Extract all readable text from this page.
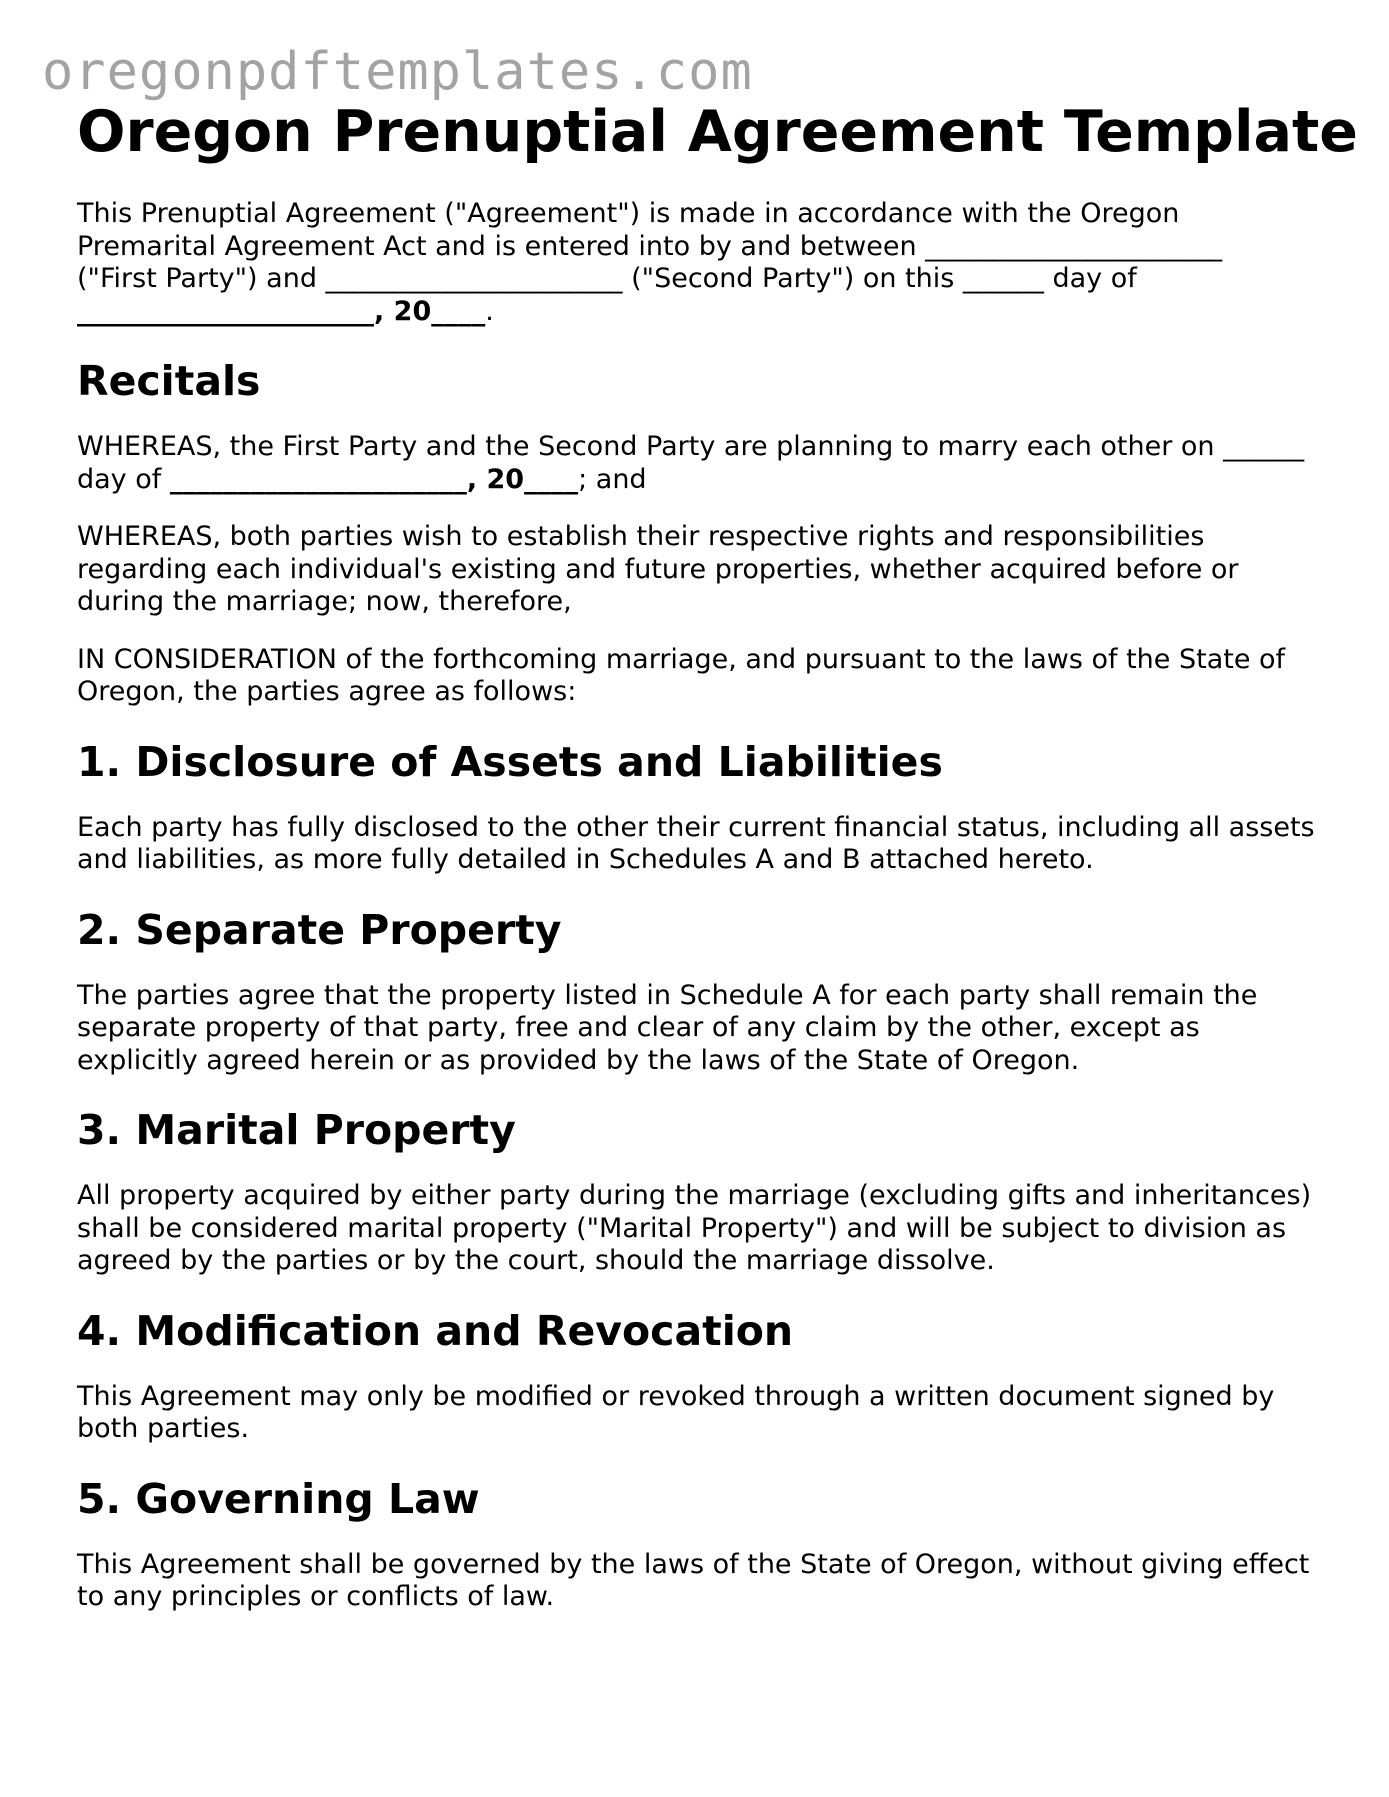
oregonpdftemplates.com
Oregon Prenuptial Agreement Template

This Prenuptial Agreement ("Agreement") is made in accordance with the Oregon
Premarital Agreement Act and is entered into by and between ______________________
("First Party") and ______________________ ("Second Party") on this ______ day of
______________________, 20____.

Recitals

WHEREAS, the First Party and the Second Party are planning to marry each other on ______
day of ______________________, 20____; and

WHEREAS, both parties wish to establish their respective rights and responsibilities regarding each individual's existing and future properties, whether acquired before or during the marriage; now, therefore,

IN CONSIDERATION of the forthcoming marriage, and pursuant to the laws of the State of Oregon, the parties agree as follows:

1. Disclosure of Assets and Liabilities

Each party has fully disclosed to the other their current financial status, including all assets and liabilities, as more fully detailed in Schedules A and B attached hereto.

2. Separate Property

The parties agree that the property listed in Schedule A for each party shall remain the separate property of that party, free and clear of any claim by the other, except as explicitly agreed herein or as provided by the laws of the State of Oregon.

3. Marital Property

All property acquired by either party during the marriage (excluding gifts and inheritances) shall be considered marital property ("Marital Property") and will be subject to division as agreed by the parties or by the court, should the marriage dissolve.

4. Modification and Revocation

This Agreement may only be modified or revoked through a written document signed by both parties.

5. Governing Law

This Agreement shall be governed by the laws of the State of Oregon, without giving effect to any principles or conflicts of law.
